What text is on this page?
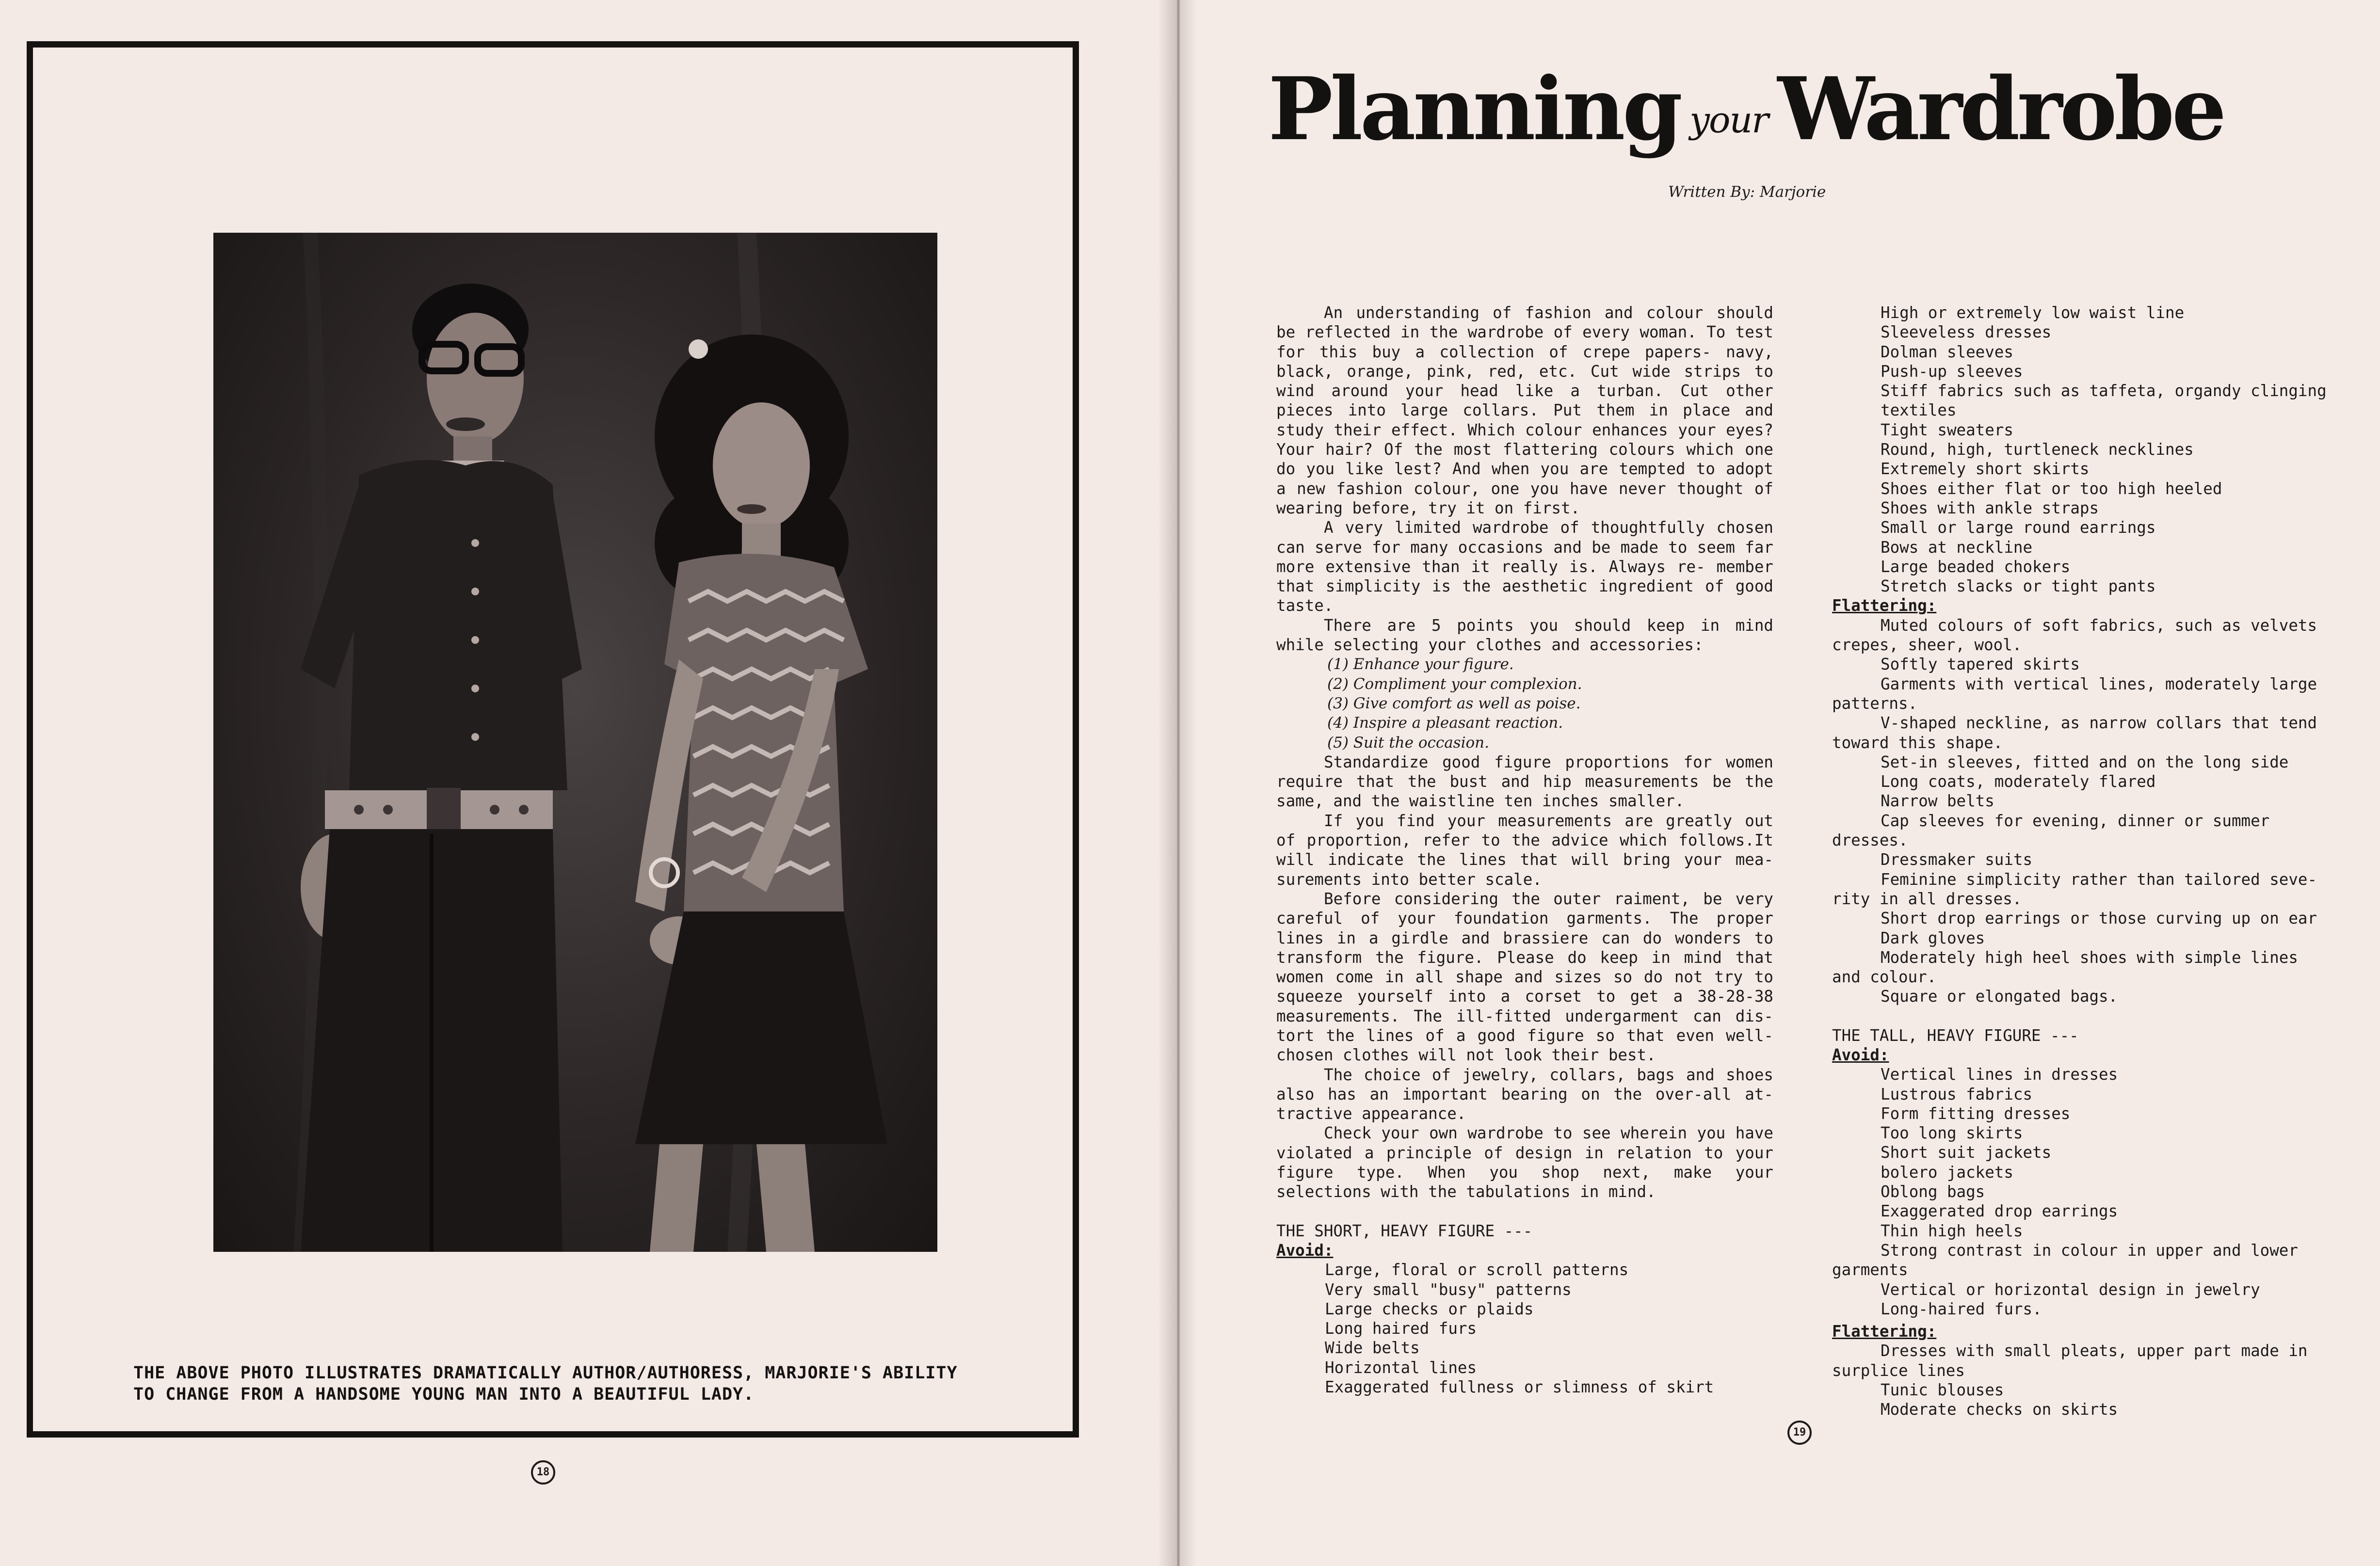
THE ABOVE PHOTO ILLUSTRATES DRAMATICALLY AUTHOR/AUTHORESS, MARJORIE'S ABILITY TO CHANGE FROM A HANDSOME YOUNG MAN INTO A BEAUTIFUL LADY.

18
Planning your Wardrobe
Written By: Marjorie

An understanding of fashion and colour should be reflected in the wardrobe of every woman. To test for this buy a collection of crepe papers- navy, black, orange, pink, red, etc. Cut wide strips to wind around your head like a turban. Cut other pieces into large collars. Put them in place and study their effect. Which colour enhances your eyes? Your hair? Of the most flattering colours which one do you like lest? And when you are tempted to adopt a new fashion colour, one you have never thought of wearing before, try it on first.

A very limited wardrobe of thoughtfully chosen can serve for many occasions and be made to seem far more extensive than it really is. Always re- member that simplicity is the aesthetic ingredient of good taste.

There are 5 points you should keep in mind while selecting your clothes and accessories:

(1) Enhance your figure.

(2) Compliment your complexion.

(3) Give comfort as well as poise.

(4) Inspire a pleasant reaction.

(5) Suit the occasion.

Standardize good figure proportions for women require that the bust and hip measurements be the same, and the waistline ten inches smaller.

If you find your measurements are greatly out of proportion, refer to the advice which follows.It will indicate the lines that will bring your mea- surements into better scale.

Before considering the outer raiment, be very careful of your foundation garments. The proper lines in a girdle and brassiere can do wonders to transform the figure. Please do keep in mind that women come in all shape and sizes so do not try to squeeze yourself into a corset to get a 38-28-38 measurements. The ill-fitted undergarment can dis- tort the lines of a good figure so that even well- chosen clothes will not look their best.

The choice of jewelry, collars, bags and shoes also has an important bearing on the over-all at- tractive appearance.

Check your own wardrobe to see wherein you have violated a principle of design in relation to your figure type. When you shop next, make your selections with the tabulations in mind.

THE SHORT, HEAVY FIGURE ---

Avoid:

Large, floral or scroll patterns

Very small "busy" patterns

Large checks or plaids

Long haired furs

Wide belts

Horizontal lines

Exaggerated fullness or slimness of skirt

High or extremely low waist line

Sleeveless dresses

Dolman sleeves

Push-up sleeves

Stiff fabrics such as taffeta, organdy clinging textiles

Tight sweaters

Round, high, turtleneck necklines

Extremely short skirts

Shoes either flat or too high heeled

Shoes with ankle straps

Small or large round earrings

Bows at neckline

Large beaded chokers

Stretch slacks or tight pants

Flattering:

Muted colours of soft fabrics, such as velvets crepes, sheer, wool.

Softly tapered skirts

Garments with vertical lines, moderately large patterns.

V-shaped neckline, as narrow collars that tend toward this shape.

Set-in sleeves, fitted and on the long side

Long coats, moderately flared

Narrow belts

Cap sleeves for evening, dinner or summer dresses.

Dressmaker suits

Feminine simplicity rather than tailored seve- rity in all dresses.

Short drop earrings or those curving up on ear

Dark gloves

Moderately high heel shoes with simple lines and colour.

Square or elongated bags.

THE TALL, HEAVY FIGURE ---

Avoid:

Vertical lines in dresses

Lustrous fabrics

Form fitting dresses

Too long skirts

Short suit jackets

bolero jackets

Oblong bags

Exaggerated drop earrings

Thin high heels

Strong contrast in colour in upper and lower garments

Vertical or horizontal design in jewelry

Long-haired furs.

Flattering:

Dresses with small pleats, upper part made in surplice lines

Tunic blouses

Moderate checks on skirts

19
